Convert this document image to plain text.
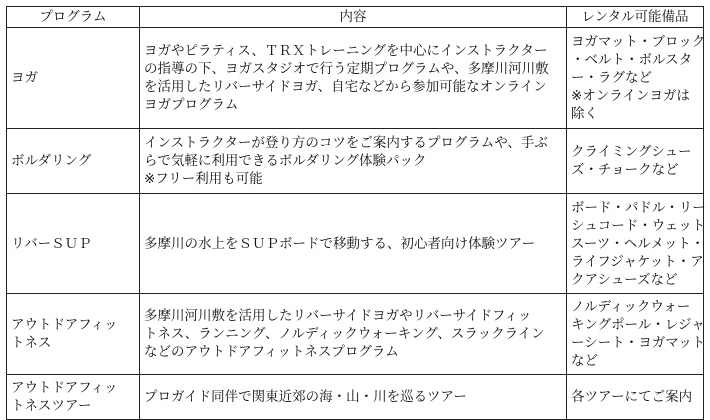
プログラム	内容	レンタル可能備品

ヨガ	ヨガやピラティス、ＴＲＸトレーニングを中心にインストラクター
の指導の下、ヨガスタジオで行う定期プログラムや、多摩川河川敷
を活用したリバーサイドヨガ、自宅などから参加可能なオンライン
ヨガプログラム	ヨガマット・ブロック
・ベルト・ボルスタ
ー・ラグなど
※オンラインヨガは
除く

ボルダリング	インストラクターが登り方のコツをご案内するプログラムや、手ぶ
らで気軽に利用できるボルダリング体験パック
※フリー利用も可能	クライミングシュー
ズ・チョークなど

リバーＳＵＰ	多摩川の水上をＳＵＰボードで移動する、初心者向け体験ツアー	ボード・パドル・リー
シュコード・ウェット
スーツ・ヘルメット・
ライフジャケット・ア
クアシューズなど

アウトドアフィッ
トネス	多摩川河川敷を活用したリバーサイドヨガやリバーサイドフィッ
トネス、ランニング、ノルディックウォーキング、スラックライン
などのアウトドアフィットネスプログラム	ノルディックウォー
キングポール・レジャ
ーシート・ヨガマット
など

アウトドアフィッ
トネスツアー	プロガイド同伴で関東近郊の海・山・川を巡るツアー	各ツアーにてご案内
